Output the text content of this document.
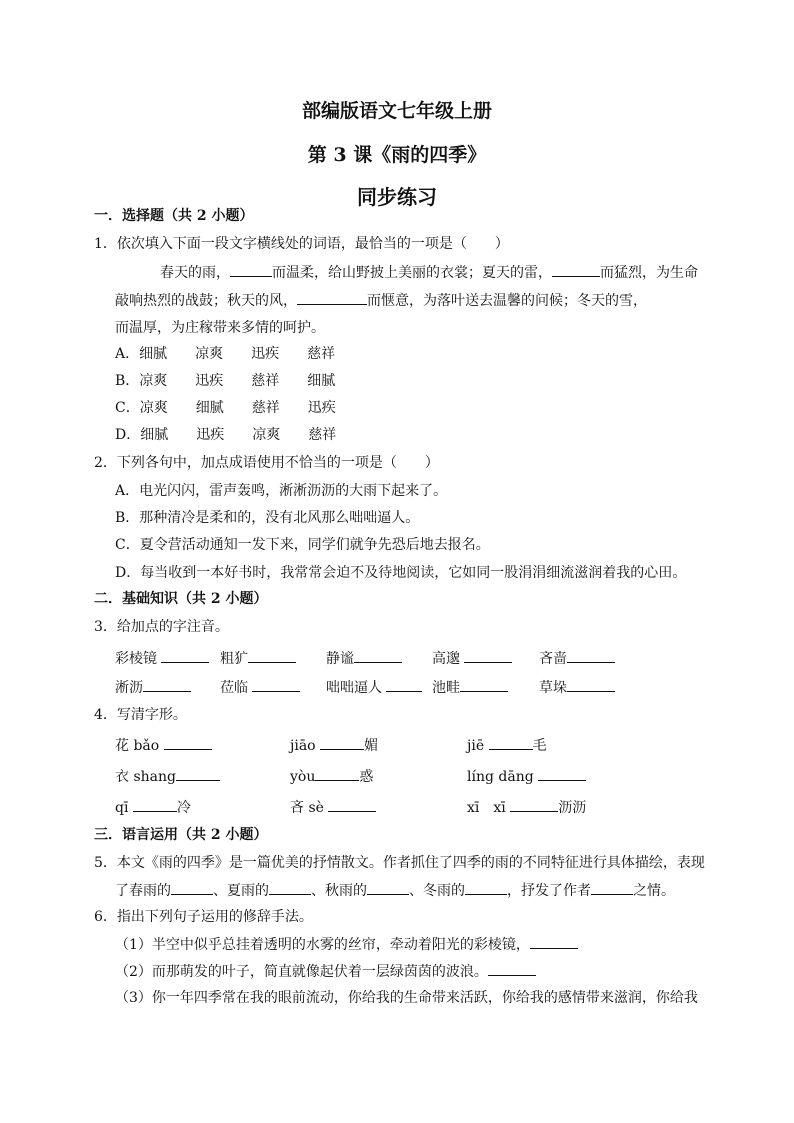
部编版语文七年级上册
第 3 课《雨的四季》
同步练习
一．选择题（共 2 小题）
1．依次填入下面一段文字横线处的词语，最恰当的一项是（　　）
春天的雨，	而温柔，给山野披上美丽的衣裳；夏天的雷，	而猛烈，为生命
敲响热烈的战鼓；秋天的风，	而惬意，为落叶送去温馨的问候；冬天的雪，
而温厚，为庄稼带来多情的呵护。
A．细腻　　凉爽　　迅疾　　慈祥
B．凉爽　　迅疾　　慈祥　　细腻
C．凉爽　　细腻　　慈祥　　迅疾
D．细腻　　迅疾　　凉爽　　慈祥
2．下列各句中，加点成语使用不恰当的一项是（　　）
A．电光闪闪，雷声轰鸣，淅淅沥沥的大雨下起来了。
B．那种清冷是柔和的，没有北风那么咄咄逼人。
C．夏令营活动通知一发下来，同学们就争先恐后地去报名。
D．每当收到一本好书时，我常常会迫不及待地阅读，它如同一股涓涓细流滋润着我的心田。
二．基础知识（共 2 小题）
3．给加点的字注音。
彩棱镜	粗犷	静谧	高邈	吝啬
淅沥	莅临	咄咄逼人	池畦	草垛
4．写清字形。
花 bǎo	jiāo	媚	jiē	毛
衣 shang	yòu	惑	líng dāng
qī	冷	吝 sè	xī　xī	沥沥
三．语言运用（共 2 小题）
5．本文《雨的四季》是一篇优美的抒情散文。作者抓住了四季的雨的不同特征进行具体描绘，表现
了春雨的	、夏雨的	、秋雨的	、冬雨的	，抒发了作者	之情。
6．指出下列句子运用的修辞手法。
（1）半空中似乎总挂着透明的水雾的丝帘，牵动着阳光的彩棱镜，
（2）而那萌发的叶子，简直就像起伏着一层绿茵茵的波浪。
（3）你一年四季常在我的眼前流动，你给我的生命带来活跃，你给我的感情带来滋润，你给我
